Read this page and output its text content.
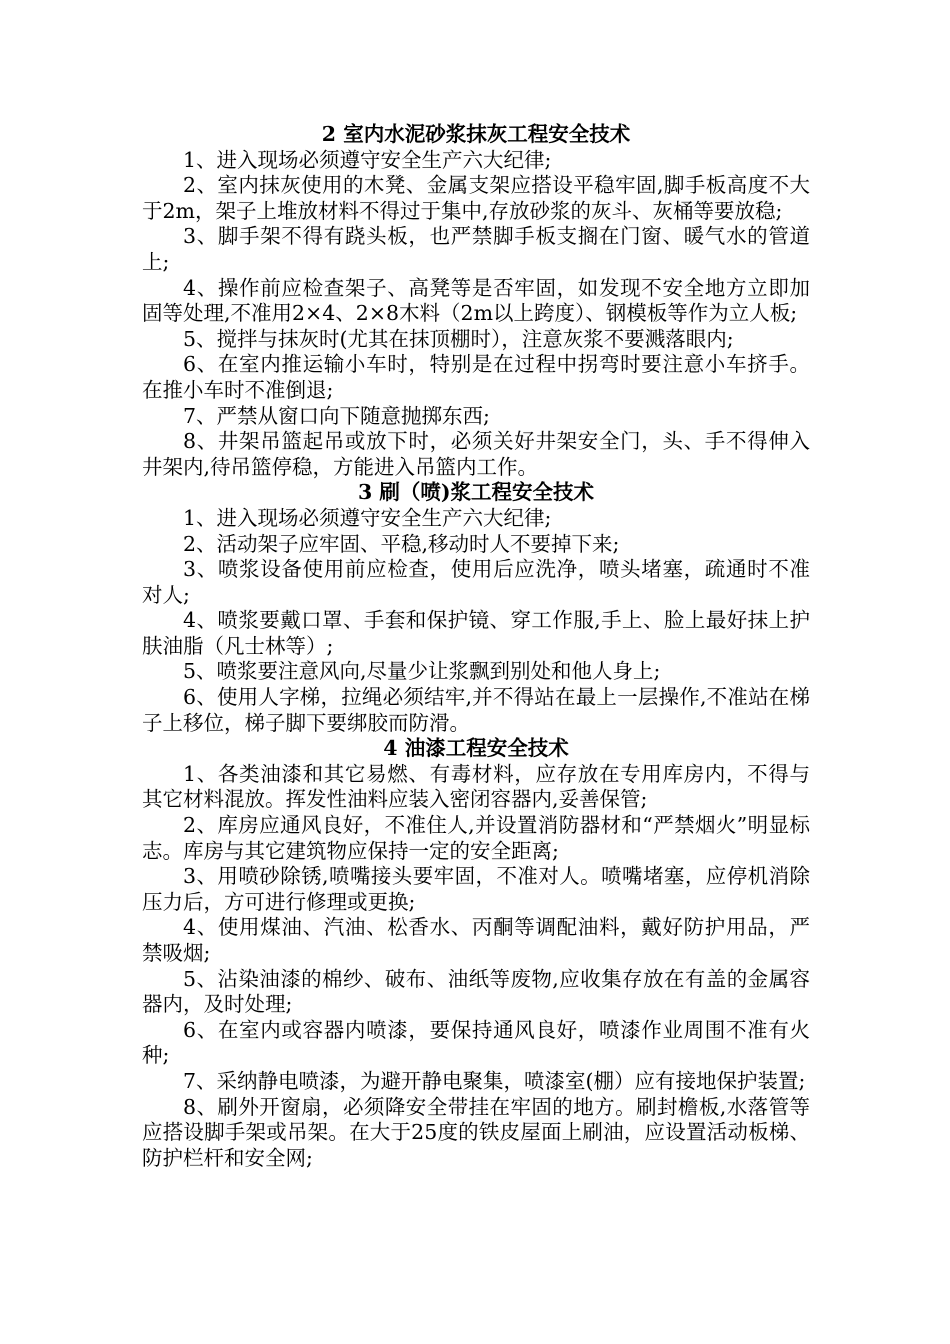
2 室内水泥砂浆抹灰工程安全技术

1、进入现场必须遵守安全生产六大纪律;

2、室内抹灰使用的木凳、金属支架应搭设平稳牢固,脚手板高度不大于2m，架子上堆放材料不得过于集中,存放砂浆的灰斗、灰桶等要放稳;

3、脚手架不得有跷头板，也严禁脚手板支搁在门窗、暖气水的管道上;

4、操作前应检查架子、高凳等是否牢固，如发现不安全地方立即加固等处理,不准用2×4、2×8木料（2m以上跨度）、钢模板等作为立人板;

5、搅拌与抹灰时(尤其在抹顶棚时），注意灰浆不要溅落眼内;

6、在室内推运输小车时，特别是在过程中拐弯时要注意小车挤手。在推小车时不准倒退;

7、严禁从窗口向下随意抛掷东西;

8、井架吊篮起吊或放下时，必须关好井架安全门，头、手不得伸入井架内,待吊篮停稳，方能进入吊篮内工作。

3 刷（喷)浆工程安全技术

1、进入现场必须遵守安全生产六大纪律;

2、活动架子应牢固、平稳,移动时人不要掉下来;

3、喷浆设备使用前应检查，使用后应洗净，喷头堵塞，疏通时不准对人;

4、喷浆要戴口罩、手套和保护镜、穿工作服,手上、脸上最好抹上护肤油脂（凡士林等）;

5、喷浆要注意风向,尽量少让浆飘到别处和他人身上;

6、使用人字梯，拉绳必须结牢,并不得站在最上一层操作,不准站在梯子上移位，梯子脚下要绑胶而防滑。

4 油漆工程安全技术

1、各类油漆和其它易燃、有毒材料，应存放在专用库房内，不得与其它材料混放。挥发性油料应装入密闭容器内,妥善保管;

2、库房应通风良好，不准住人,并设置消防器材和“严禁烟火”明显标志。库房与其它建筑物应保持一定的安全距离;

3、用喷砂除锈,喷嘴接头要牢固，不准对人。喷嘴堵塞，应停机消除压力后，方可进行修理或更换;

4、使用煤油、汽油、松香水、丙酮等调配油料，戴好防护用品，严禁吸烟;

5、沾染油漆的棉纱、破布、油纸等废物,应收集存放在有盖的金属容器内，及时处理;

6、在室内或容器内喷漆，要保持通风良好，喷漆作业周围不准有火种;

7、采纳静电喷漆，为避开静电聚集，喷漆室(棚）应有接地保护装置;

8、刷外开窗扇，必须降安全带挂在牢固的地方。刷封檐板,水落管等应搭设脚手架或吊架。在大于25度的铁皮屋面上刷油，应设置活动板梯、防护栏杆和安全网;
